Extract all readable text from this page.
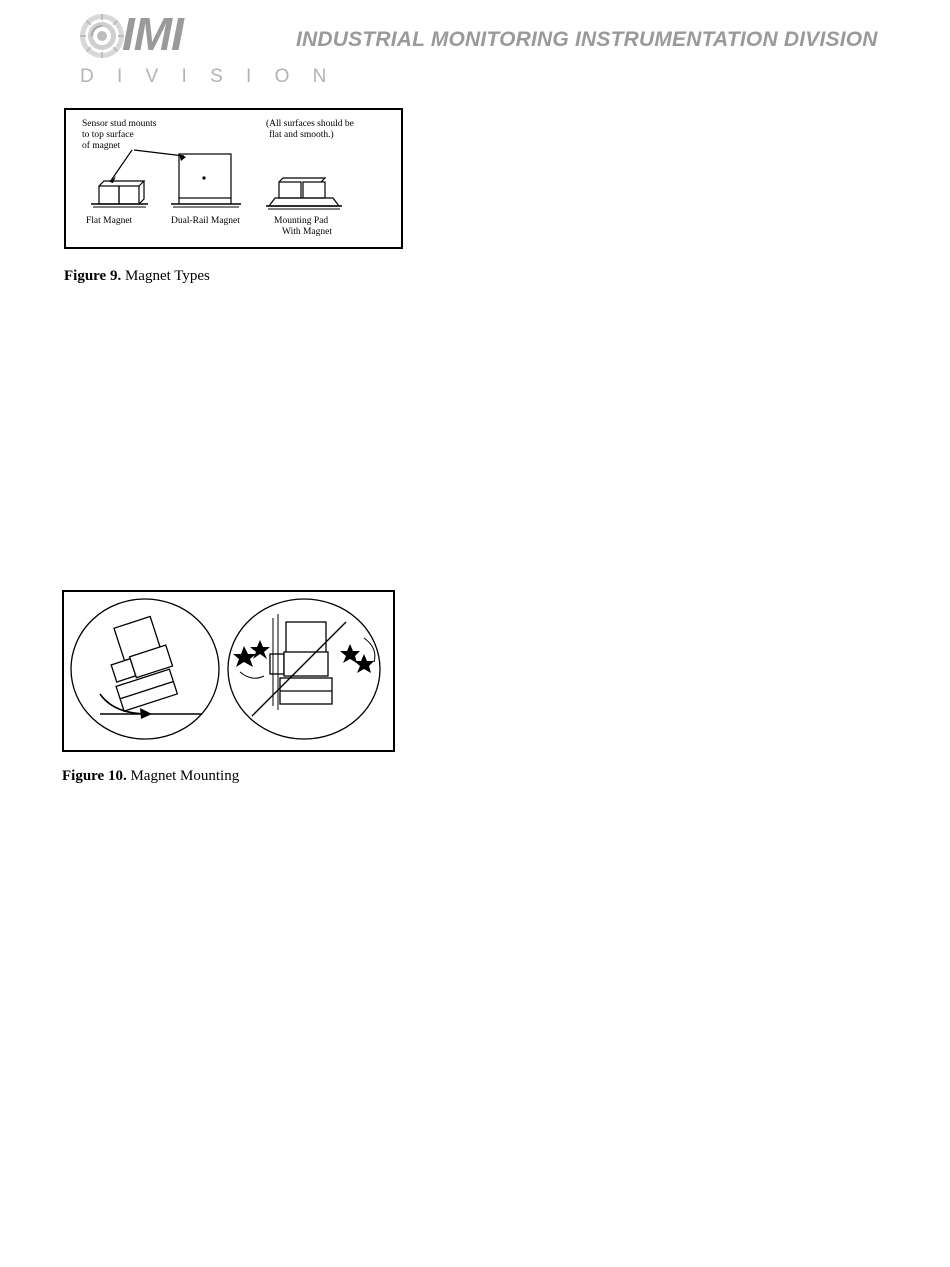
IMI
D I V I S I O N
INDUSTRIAL MONITORING INSTRUMENTATION DIVISION
Sensor stud mounts
to top surface
of magnet
(All surfaces should be
flat and smooth.)
Flat Magnet	Dual-Rail Magnet	Mounting Pad
With Magnet
Figure 9. Magnet Types
Figure 10. Magnet Mounting
